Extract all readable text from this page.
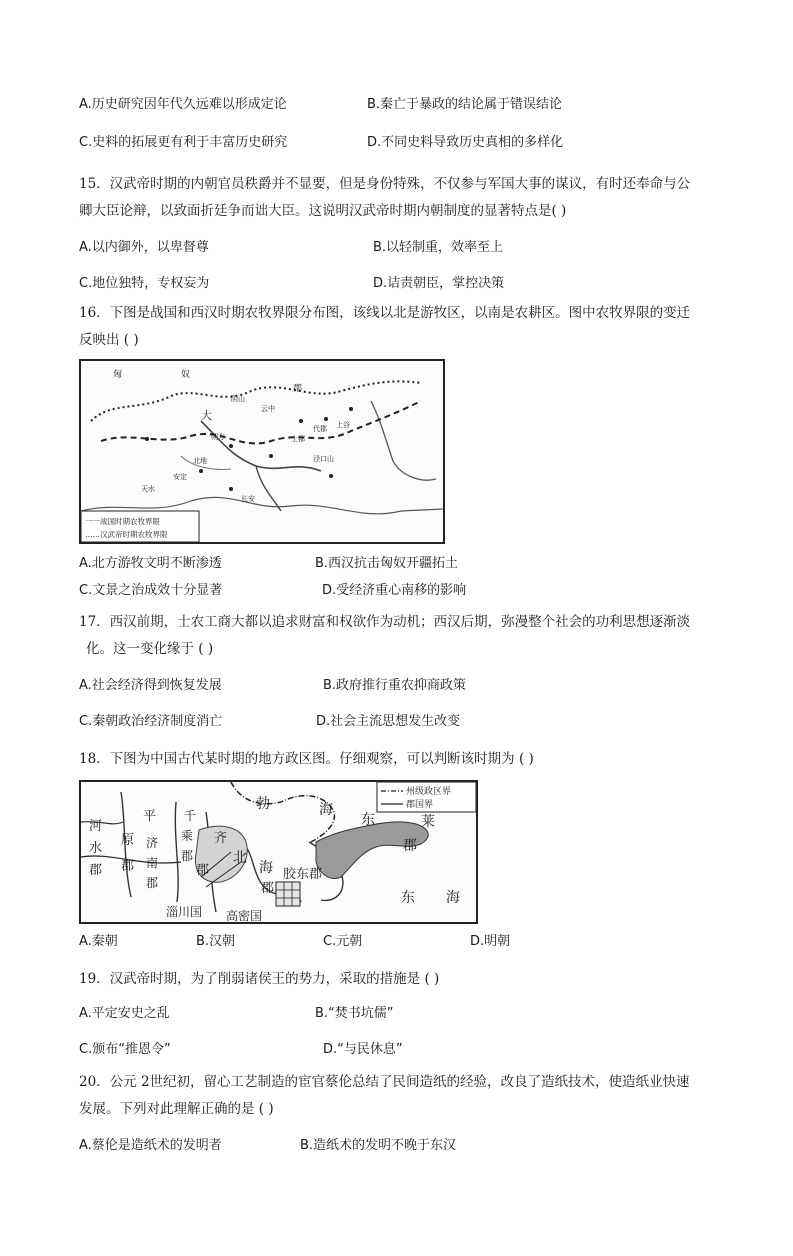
A.历史研究因年代久远难以形成定论	B.秦亡于暴政的结论属于错误结论
C.史料的拓展更有利于丰富历史研究	D.不同史料导致历史真相的多样化
15．汉武帝时期的内朝官员秩爵并不显要，但是身份特殊，不仅参与军国大事的谋议，有时还奉命与公
卿大臣论辩，以致面折廷争而诎大臣。这说明汉武帝时期内朝制度的显著特点是( )
A.以内御外，以卑督尊	B.以轻制重，效率至上
C.地位独特，专权妄为	D.诘责朝臣，掌控决策
16．下图是战国和西汉时期农牧界限分布图，该线以北是游牧区，以南是农耕区。图中农牧界限的变迁
反映出 ( )
匈	奴
郡
大
阴山
上郡
上谷
代郡
云中
朔方
安定
北地	泾口山
长安
天水
一一战国时期农牧界限
……汉武帝时期农牧界限
A.北方游牧文明不断渗透	B.西汉抗击匈奴开疆拓土
C.文景之治成效十分显著	D.受经济重心南移的影响
17．西汉前期，士农工商大都以追求财富和权欲作为动机；西汉后期，弥漫整个社会的功利思想逐渐淡
化。这一变化缘于 ( )
A.社会经济得到恢复发展	B.政府推行重农抑商政策
C.秦朝政治经济制度消亡	D.社会主流思想发生改变
18．下图为中国古代某时期的地方政区图。仔细观察，可以判断该时期为 ( )
州级政区界
郡国界
河
水
郡
平
原
郡
千
乘
郡
济
南
郡
齐
郡
北
海
郡
勃	海
东	莱
郡
胶东郡
淄川国 高密国
东 海
A.秦朝	B.汉朝	C.元朝	D.明朝
19．汉武帝时期，为了削弱诸侯王的势力，采取的措施是 ( )
A.平定安史之乱	B.“焚书坑儒”
C.颁布“推恩令”	D.“与民休息”
20．公元 2世纪初，留心工艺制造的宦官蔡伦总结了民间造纸的经验，改良了造纸技术，使造纸业快速
发展。下列对此理解正确的是 ( )
A.蔡伦是造纸术的发明者	B.造纸术的发明不晚于东汉
